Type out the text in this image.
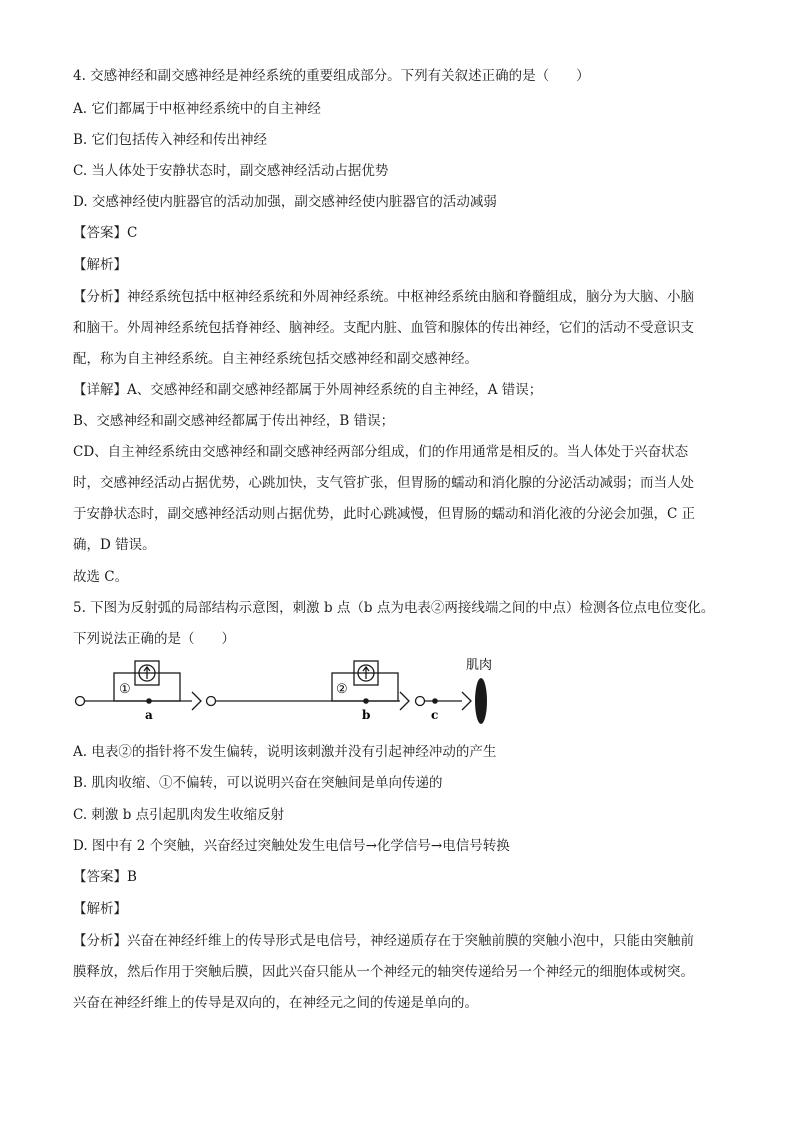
4. 交感神经和副交感神经是神经系统的重要组成部分。下列有关叙述正确的是（　　）
A. 它们都属于中枢神经系统中的自主神经
B. 它们包括传入神经和传出神经
C. 当人体处于安静状态时，副交感神经活动占据优势
D. 交感神经使内脏器官的活动加强，副交感神经使内脏器官的活动减弱
【答案】C
【解析】
【分析】神经系统包括中枢神经系统和外周神经系统。中枢神经系统由脑和脊髓组成，脑分为大脑、小脑
和脑干。外周神经系统包括脊神经、脑神经。支配内脏、血管和腺体的传出神经，它们的活动不受意识支
配，称为自主神经系统。自主神经系统包括交感神经和副交感神经。
【详解】A、交感神经和副交感神经都属于外周神经系统的自主神经，A 错误；
B、交感神经和副交感神经都属于传出神经，B 错误；
CD、自主神经系统由交感神经和副交感神经两部分组成，们的作用通常是相反的。当人体处于兴奋状态
时，交感神经活动占据优势，心跳加快，支气管扩张，但胃肠的蠕动和消化腺的分泌活动减弱；而当人处
于安静状态时，副交感神经活动则占据优势，此时心跳减慢，但胃肠的蠕动和消化液的分泌会加强，C 正
确，D 错误。
故选 C。
5. 下图为反射弧的局部结构示意图，刺激 b 点（b 点为电表②两接线端之间的中点）检测各位点电位变化。
下列说法正确的是（　　）
①	②
a	b	c
肌肉
A. 电表②的指针将不发生偏转，说明该刺激并没有引起神经冲动的产生
B. 肌肉收缩、①不偏转，可以说明兴奋在突触间是单向传递的
C. 刺激 b 点引起肌肉发生收缩反射
D. 图中有 2 个突触，兴奋经过突触处发生电信号→化学信号→电信号转换
【答案】B
【解析】
【分析】兴奋在神经纤维上的传导形式是电信号，神经递质存在于突触前膜的突触小泡中，只能由突触前
膜释放，然后作用于突触后膜，因此兴奋只能从一个神经元的轴突传递给另一个神经元的细胞体或树突。
兴奋在神经纤维上的传导是双向的，在神经元之间的传递是单向的。
